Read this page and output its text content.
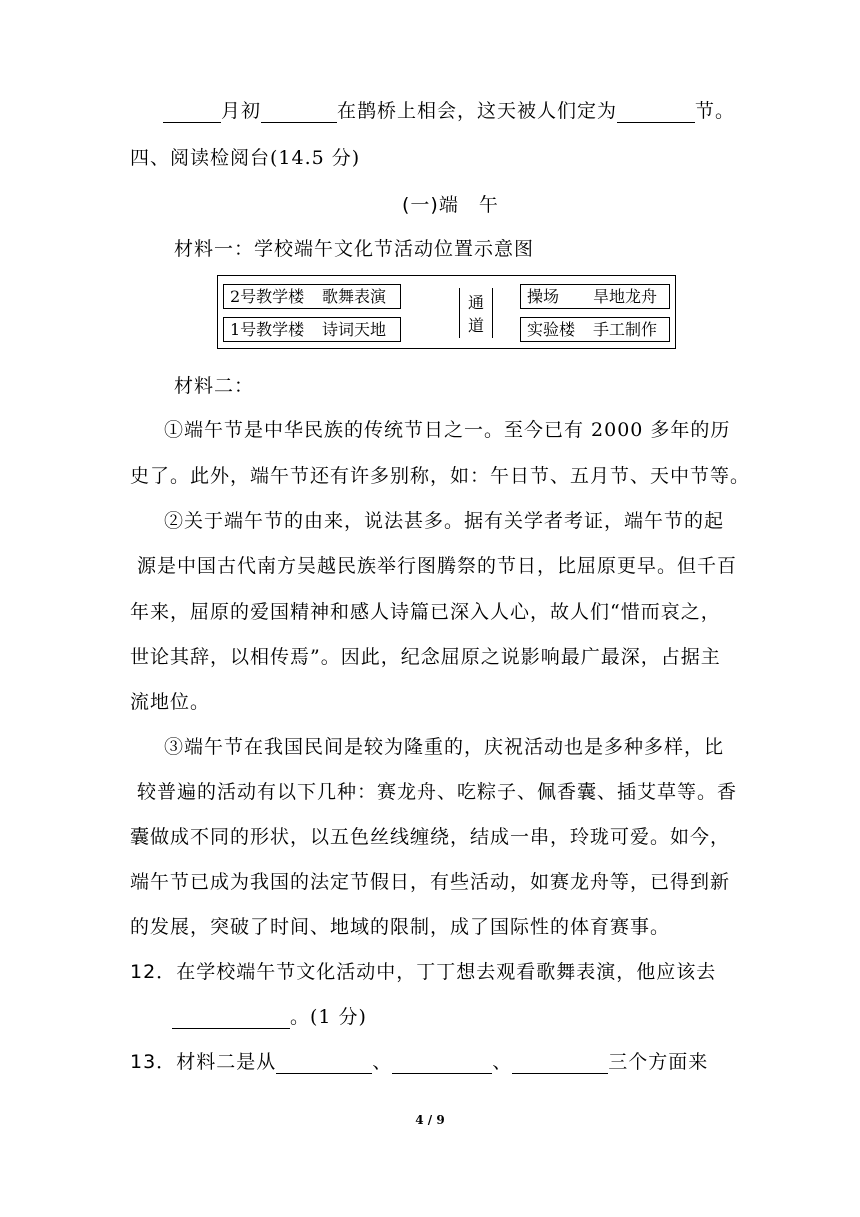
月初	在鹊桥上相会，这天被人们定为	节。
四、阅读检阅台(14.5 分)
(一)端　午
材料一：学校端午文化节活动位置示意图
2号教学楼 歌舞表演
1号教学楼 诗词天地
通
道
操场 旱地龙舟
实验楼 手工制作
材料二：
①端午节是中华民族的传统节日之一。至今已有 2000 多年的历
史了。此外，端午节还有许多别称，如：午日节、五月节、天中节等。
②关于端午节的由来，说法甚多。据有关学者考证，端午节的起
源是中国古代南方吴越民族举行图腾祭的节日，比屈原更早。但千百
年来，屈原的爱国精神和感人诗篇已深入人心，故人们“惜而哀之，
世论其辞，以相传焉”。因此，纪念屈原之说影响最广最深，占据主
流地位。
③端午节在我国民间是较为隆重的，庆祝活动也是多种多样，比
较普遍的活动有以下几种：赛龙舟、吃粽子、佩香囊、插艾草等。香
囊做成不同的形状，以五色丝线缠绕，结成一串，玲珑可爱。如今，
端午节已成为我国的法定节假日，有些活动，如赛龙舟等，已得到新
的发展，突破了时间、地域的限制，成了国际性的体育赛事。
12．在学校端午节文化活动中，丁丁想去观看歌舞表演，他应该去
。(1 分)
13．材料二是从	、	、	三个方面来
4 / 9
